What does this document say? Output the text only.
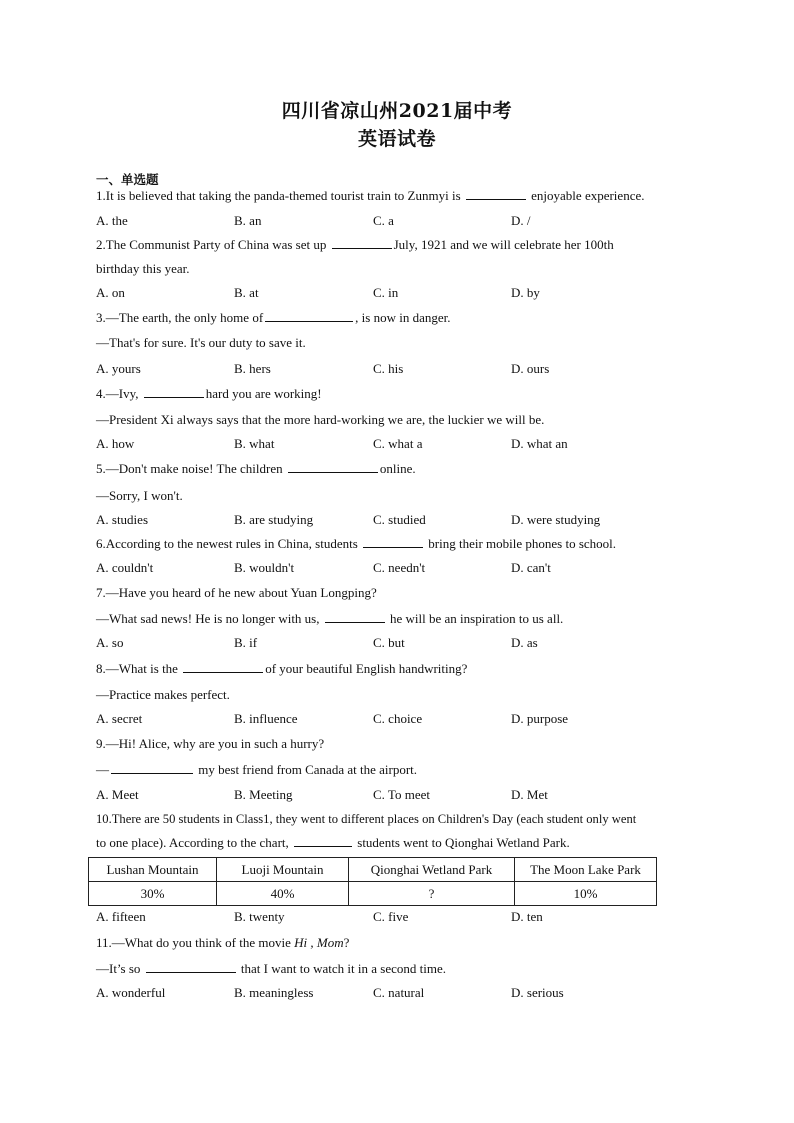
四川省凉山州2021届中考
英语试卷
一、单选题
1.It is believed that taking the panda-themed tourist train to Zunmyi is	enjoyable experience.
A. the	B. an	C. a	D. /
2.The Communist Party of China was set up	July, 1921 and we will celebrate her 100th
birthday this year.
A. on	B. at	C. in	D. by
3.—The earth, the only home of	, is now in danger.
—That's for sure. It's our duty to save it.
A. yours	B. hers	C. his	D. ours
4.—Ivy,	hard you are working!
—President Xi always says that the more hard-working we are, the luckier we will be.
A. how	B. what	C. what a	D. what an
5.—Don't make noise! The children	online.
—Sorry, I won't.
A. studies	B. are studying	C. studied	D. were studying
6.According to the newest rules in China, students	bring their mobile phones to school.
A. couldn't	B. wouldn't	C. needn't	D. can't
7.—Have you heard of he new about Yuan Longping?
—What sad news! He is no longer with us,	he will be an inspiration to us all.
A. so	B. if	C. but	D. as
8.—What is the	of your beautiful English handwriting?
—Practice makes perfect.
A. secret	B. influence	C. choice	D. purpose
9.—Hi! Alice, why are you in such a hurry?
—	my best friend from Canada at the airport.
A. Meet	B. Meeting	C. To meet	D. Met
10.There are 50 students in Class1, they went to different places on Children's Day (each student only went
to one place). According to the chart,	students went to Qionghai Wetland Park.
Lushan Mountain	Luoji Mountain	Qionghai Wetland Park	The Moon Lake Park
30%	40%	?	10%
A. fifteen	B. twenty	C. five	D. ten
11.—What do you think of the movie Hi , Mom?
—It’s so	that I want to watch it in a second time.
A. wonderful	B. meaningless	C. natural	D. serious
